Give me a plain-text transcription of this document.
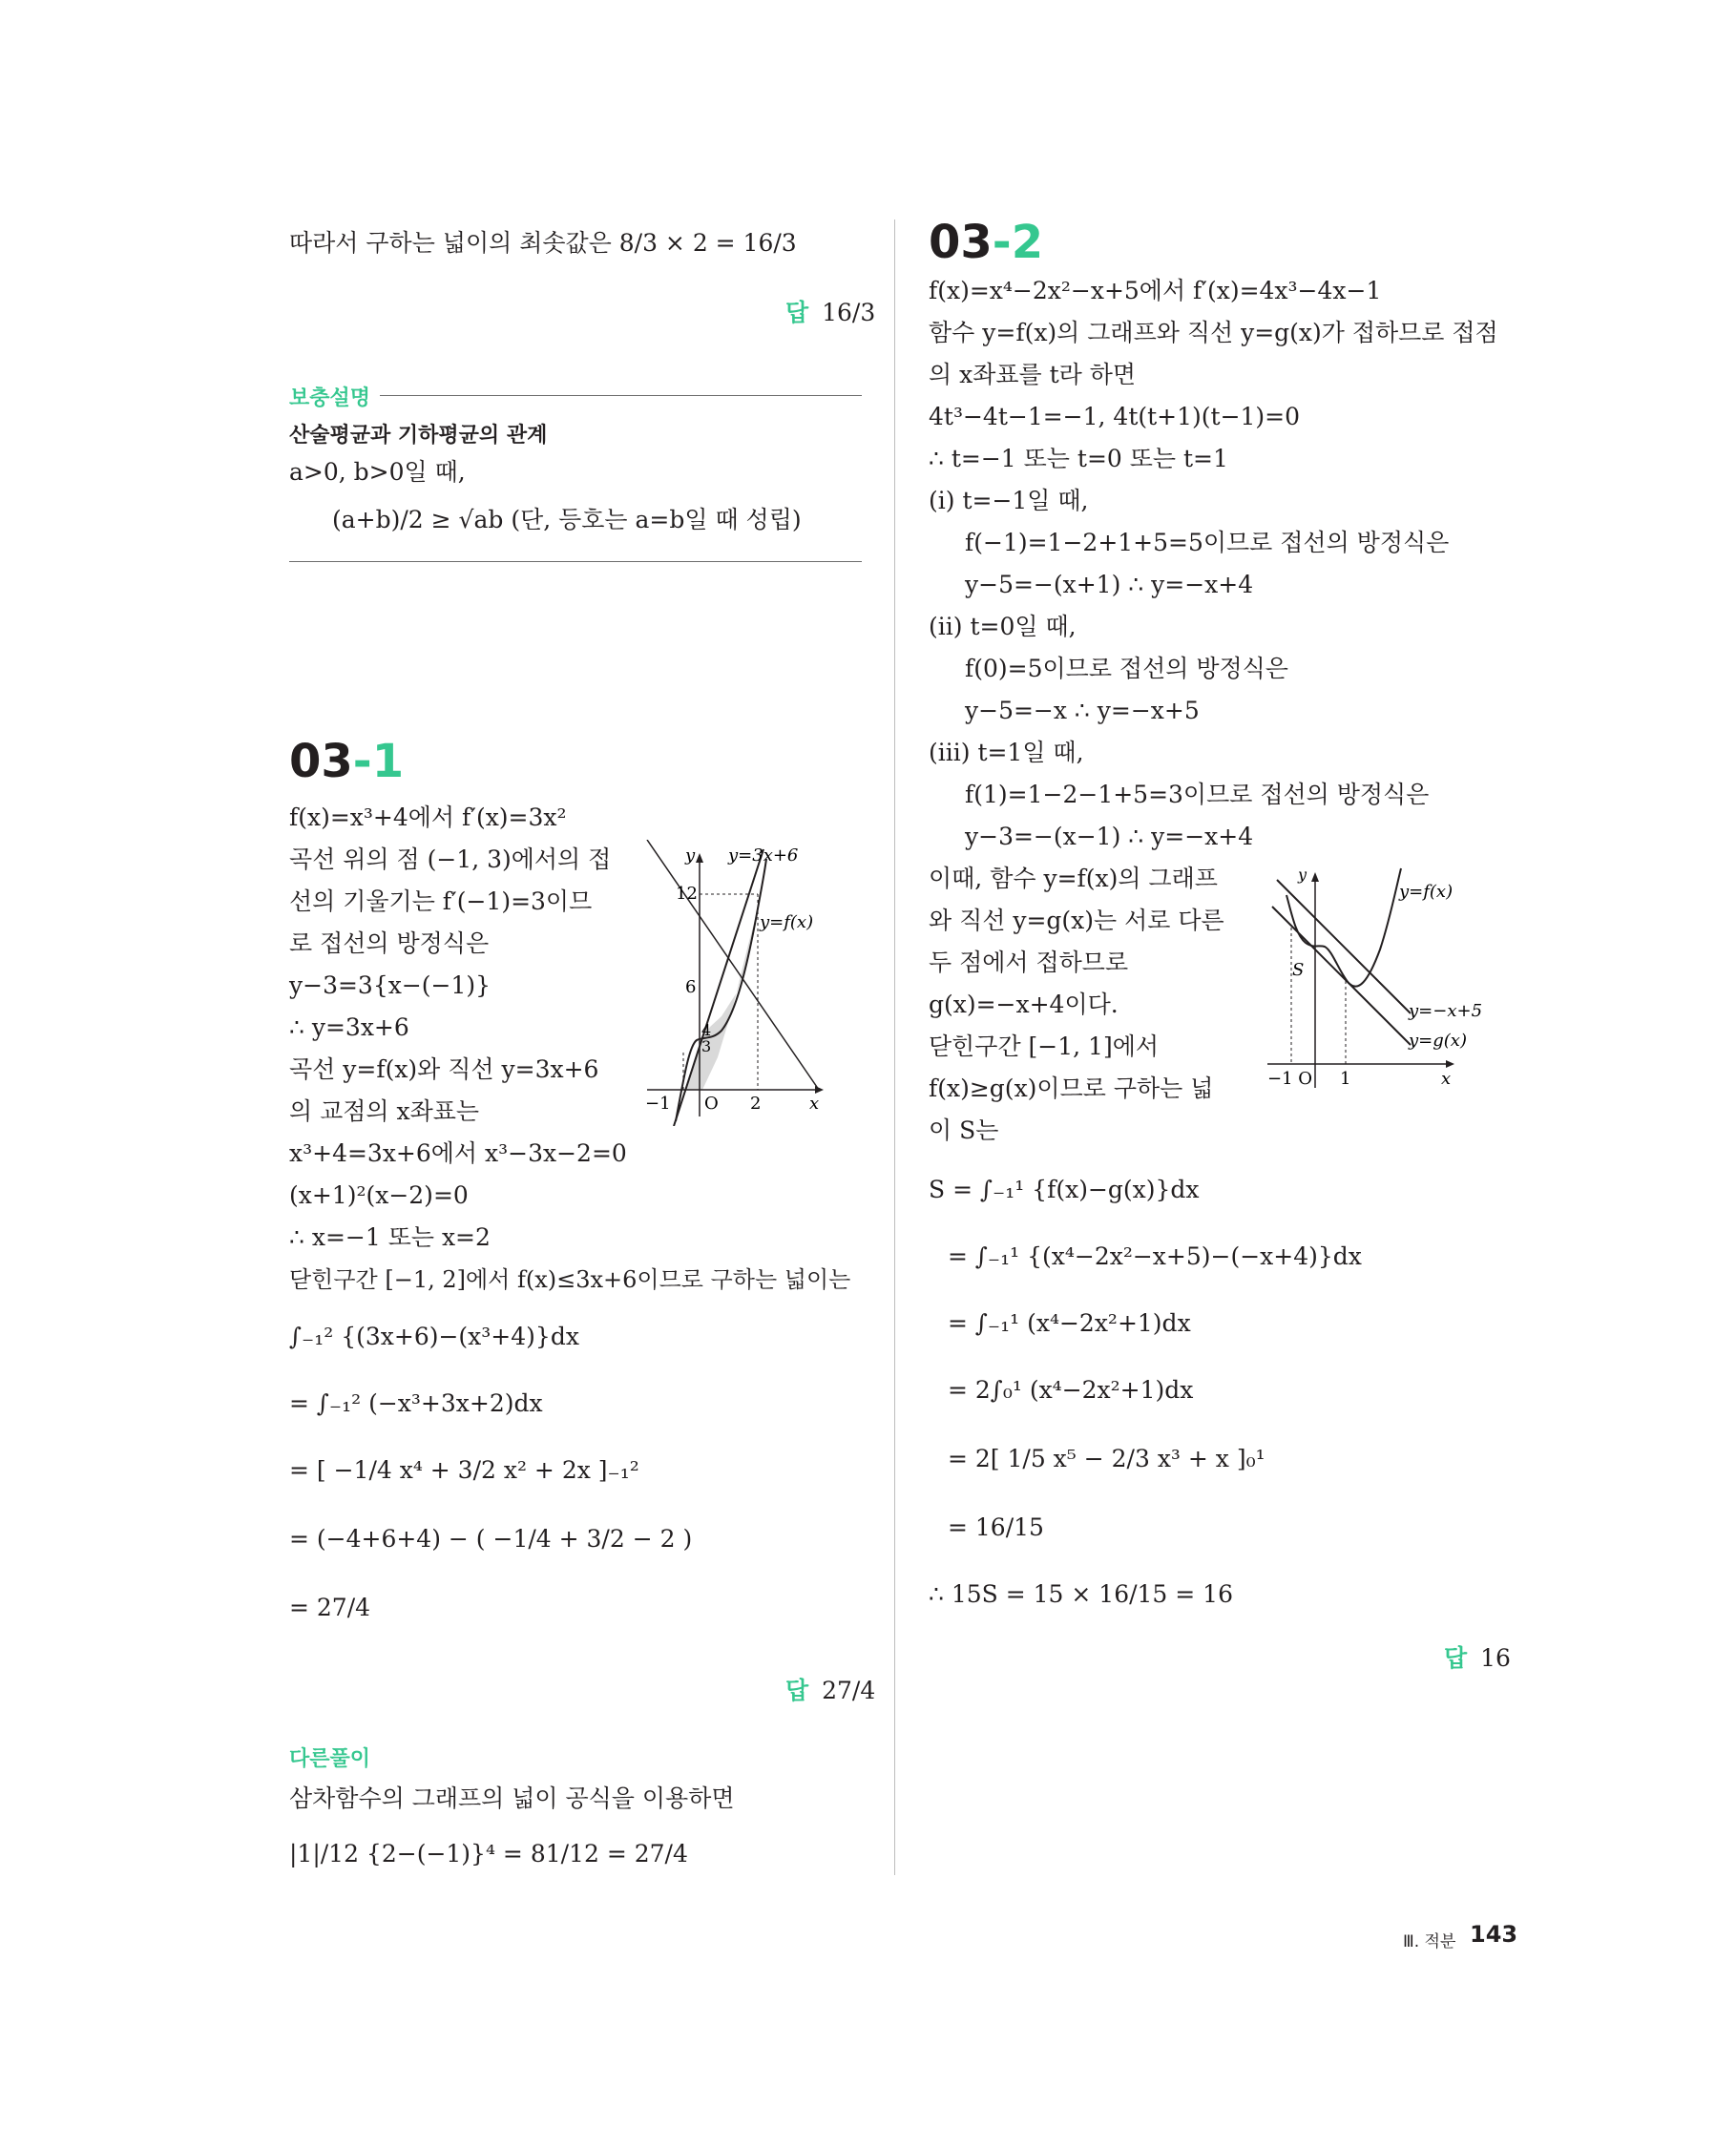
따라서 구하는 넓이의 최솟값은 8/3 × 2 = 16/3
답 16/3
보충설명
산술평균과 기하평균의 관계
a>0, b>0일 때,
(a+b)/2 ≥ √ab (단, 등호는 a=b일 때 성립)
03-1
f(x)=x³+4에서 f′(x)=3x²
곡선 위의 점 (−1, 3)에서의 접
선의 기울기는 f′(−1)=3이므
로 접선의 방정식은
y−3=3{x−(−1)}
∴ y=3x+6
곡선 y=f(x)와 직선 y=3x+6
의 교점의 x좌표는
x³+4=3x+6에서 x³−3x−2=0
(x+1)²(x−2)=0
∴ x=−1 또는 x=2
닫힌구간 [−1, 2]에서 f(x)≤3x+6이므로 구하는 넓이는
∫₋₁² {(3x+6)−(x³+4)}dx
= ∫₋₁² (−x³+3x+2)dx
= [ −1/4 x⁴ + 3/2 x² + 2x ]₋₁²
= (−4+6+4) − ( −1/4 + 3/2 − 2 )
= 27/4
답 27/4
다른풀이
삼차함수의 그래프의 넓이 공식을 이용하면
|1|/12 {2−(−1)}⁴ = 81/12 = 27/4
y y=3x+6
y=f(x)
12
6
4
3
−1 O 2	x
03-2
f(x)=x⁴−2x²−x+5에서 f′(x)=4x³−4x−1
함수 y=f(x)의 그래프와 직선 y=g(x)가 접하므로 접점
의 x좌표를 t라 하면
4t³−4t−1=−1, 4t(t+1)(t−1)=0
∴ t=−1 또는 t=0 또는 t=1
(ⅰ) t=−1일 때,
f(−1)=1−2+1+5=5이므로 접선의 방정식은
y−5=−(x+1) ∴ y=−x+4
(ⅱ) t=0일 때,
f(0)=5이므로 접선의 방정식은
y−5=−x ∴ y=−x+5
(ⅲ) t=1일 때,
f(1)=1−2−1+5=3이므로 접선의 방정식은
y−3=−(x−1) ∴ y=−x+4
이때, 함수 y=f(x)의 그래프
와 직선 y=g(x)는 서로 다른
두 점에서 접하므로
g(x)=−x+4이다.
닫힌구간 [−1, 1]에서
f(x)≥g(x)이므로 구하는 넓
이 S는
S = ∫₋₁¹ {f(x)−g(x)}dx
= ∫₋₁¹ {(x⁴−2x²−x+5)−(−x+4)}dx
= ∫₋₁¹ (x⁴−2x²+1)dx
= 2∫₀¹ (x⁴−2x²+1)dx
= 2[ 1/5 x⁵ − 2/3 x³ + x ]₀¹
= 16/15
∴ 15S = 15 × 16/15 = 16
답 16
y
y=f(x)
y=−x+5
y=g(x)
S
−1 O 1	x
Ⅲ. 적분 143
